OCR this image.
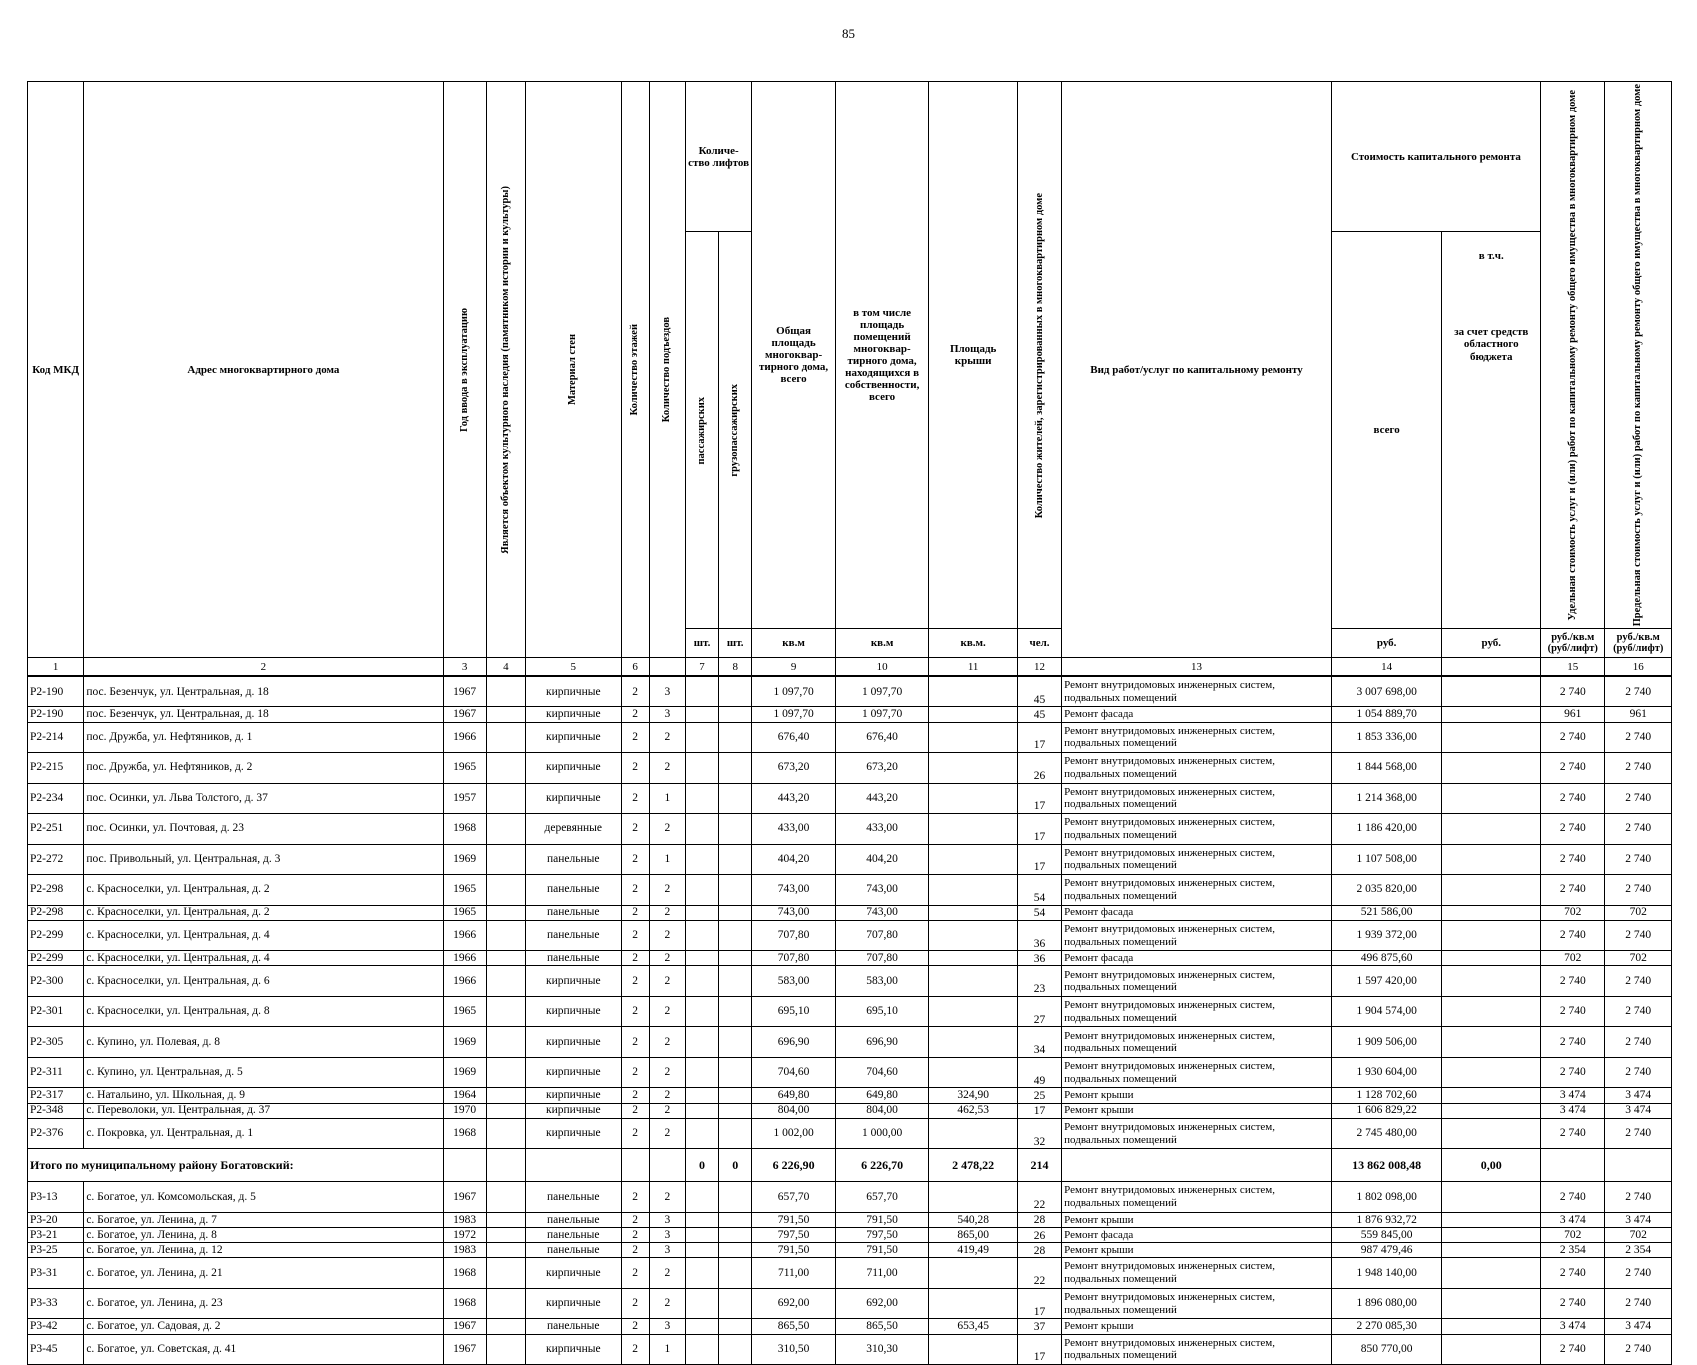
85
Код МКД	Адрес многоквартирного дома	Год ввода в эксплуатацию	Является объектом культурного наследия (памятником истории и культуры)	Материал стен	Количество этажей	Количество подъездов	Количе-ство лифтов		Общая площадь многоквар-тирного дома, всего	в том числе площадь помещений многоквар-тирного дома, находящихся в собственности, всего	Площадь крыши	Количество жителей, зарегистрированных в многоквартирном доме	Вид работ/услуг по капитальному ремонту	Стоимость капитального ремонта		Удельная стоимость услуг и (или) работ по капитальному ремонту общего имущества в многоквартирном доме	Предельная стоимость услуг и (или) работ по капитальному ремонту общего имущества в многоквартирном доме

							пассажирских	грузопассажирских						всего	в т.ч.
за счет средств областного бюджета		

							шт.	шт.	кв.м	кв.м	кв.м.	чел.		руб.	руб.	руб./кв.м (руб/лифт)	руб./кв.м (руб/лифт)
1	2	3	4	5	6		7	8	9	10	11	12	13	14		15	16
Р2-190	пос. Безенчук, ул. Центральная, д. 18	1967		кирпичные	2	3			1 097,70	1 097,70		45	Ремонт внутридомовых инженерных систем, подвальных помещений	3 007 698,00		2 740	2 740
Р2-190	пос. Безенчук, ул. Центральная, д. 18	1967		кирпичные	2	3			1 097,70	1 097,70		45	Ремонт фасада	1 054 889,70		961	961
Р2-214	пос. Дружба, ул. Нефтяников, д. 1	1966		кирпичные	2	2			676,40	676,40		17	Ремонт внутридомовых инженерных систем, подвальных помещений	1 853 336,00		2 740	2 740
Р2-215	пос. Дружба, ул. Нефтяников, д. 2	1965		кирпичные	2	2			673,20	673,20		26	Ремонт внутридомовых инженерных систем, подвальных помещений	1 844 568,00		2 740	2 740
Р2-234	пос. Осинки, ул. Льва Толстого, д. 37	1957		кирпичные	2	1			443,20	443,20		17	Ремонт внутридомовых инженерных систем, подвальных помещений	1 214 368,00		2 740	2 740
Р2-251	пос. Осинки, ул. Почтовая, д. 23	1968		деревянные	2	2			433,00	433,00		17	Ремонт внутридомовых инженерных систем, подвальных помещений	1 186 420,00		2 740	2 740
Р2-272	пос. Привольный, ул. Центральная, д. 3	1969		панельные	2	1			404,20	404,20		17	Ремонт внутридомовых инженерных систем, подвальных помещений	1 107 508,00		2 740	2 740
Р2-298	с. Красноселки, ул. Центральная, д. 2	1965		панельные	2	2			743,00	743,00		54	Ремонт внутридомовых инженерных систем, подвальных помещений	2 035 820,00		2 740	2 740
Р2-298	с. Красноселки, ул. Центральная, д. 2	1965		панельные	2	2			743,00	743,00		54	Ремонт фасада	521 586,00		702	702
Р2-299	с. Красноселки, ул. Центральная, д. 4	1966		панельные	2	2			707,80	707,80		36	Ремонт внутридомовых инженерных систем, подвальных помещений	1 939 372,00		2 740	2 740
Р2-299	с. Красноселки, ул. Центральная, д. 4	1966		панельные	2	2			707,80	707,80		36	Ремонт фасада	496 875,60		702	702
Р2-300	с. Красноселки, ул. Центральная, д. 6	1966		кирпичные	2	2			583,00	583,00		23	Ремонт внутридомовых инженерных систем, подвальных помещений	1 597 420,00		2 740	2 740
Р2-301	с. Красноселки, ул. Центральная, д. 8	1965		кирпичные	2	2			695,10	695,10		27	Ремонт внутридомовых инженерных систем, подвальных помещений	1 904 574,00		2 740	2 740
Р2-305	с. Купино, ул. Полевая, д. 8	1969		кирпичные	2	2			696,90	696,90		34	Ремонт внутридомовых инженерных систем, подвальных помещений	1 909 506,00		2 740	2 740
Р2-311	с. Купино, ул. Центральная, д. 5	1969		кирпичные	2	2			704,60	704,60		49	Ремонт внутридомовых инженерных систем, подвальных помещений	1 930 604,00		2 740	2 740
Р2-317	с. Натальино, ул. Школьная, д. 9	1964		кирпичные	2	2			649,80	649,80	324,90	25	Ремонт крыши	1 128 702,60		3 474	3 474
Р2-348	с. Переволоки, ул. Центральная, д. 37	1970		кирпичные	2	2			804,00	804,00	462,53	17	Ремонт крыши	1 606 829,22		3 474	3 474
Р2-376	с. Покровка, ул. Центральная, д. 1	1968		кирпичные	2	2			1 002,00	1 000,00		32	Ремонт внутридомовых инженерных систем, подвальных помещений	2 745 480,00		2 740	2 740
Итого по муниципальному району Богатовский:							0	0	6 226,90	6 226,70	2 478,22	214		13 862 008,48	0,00		
Р3-13	с. Богатое, ул. Комсомольская, д. 5	1967		панельные	2	2			657,70	657,70		22	Ремонт внутридомовых инженерных систем, подвальных помещений	1 802 098,00		2 740	2 740
Р3-20	с. Богатое, ул. Ленина, д. 7	1983		панельные	2	3			791,50	791,50	540,28	28	Ремонт крыши	1 876 932,72		3 474	3 474
Р3-21	с. Богатое, ул. Ленина, д. 8	1972		панельные	2	3			797,50	797,50	865,00	26	Ремонт фасада	559 845,00		702	702
Р3-25	с. Богатое, ул. Ленина, д. 12	1983		панельные	2	3			791,50	791,50	419,49	28	Ремонт крыши	987 479,46		2 354	2 354
Р3-31	с. Богатое, ул. Ленина, д. 21	1968		кирпичные	2	2			711,00	711,00		22	Ремонт внутридомовых инженерных систем, подвальных помещений	1 948 140,00		2 740	2 740
Р3-33	с. Богатое, ул. Ленина, д. 23	1968		кирпичные	2	2			692,00	692,00		17	Ремонт внутридомовых инженерных систем, подвальных помещений	1 896 080,00		2 740	2 740
Р3-42	с. Богатое, ул. Садовая, д. 2	1967		панельные	2	3			865,50	865,50	653,45	37	Ремонт крыши	2 270 085,30		3 474	3 474
Р3-45	с. Богатое, ул. Советская, д. 41	1967		кирпичные	2	1			310,50	310,30		17	Ремонт внутридомовых инженерных систем, подвальных помещений	850 770,00		2 740	2 740
